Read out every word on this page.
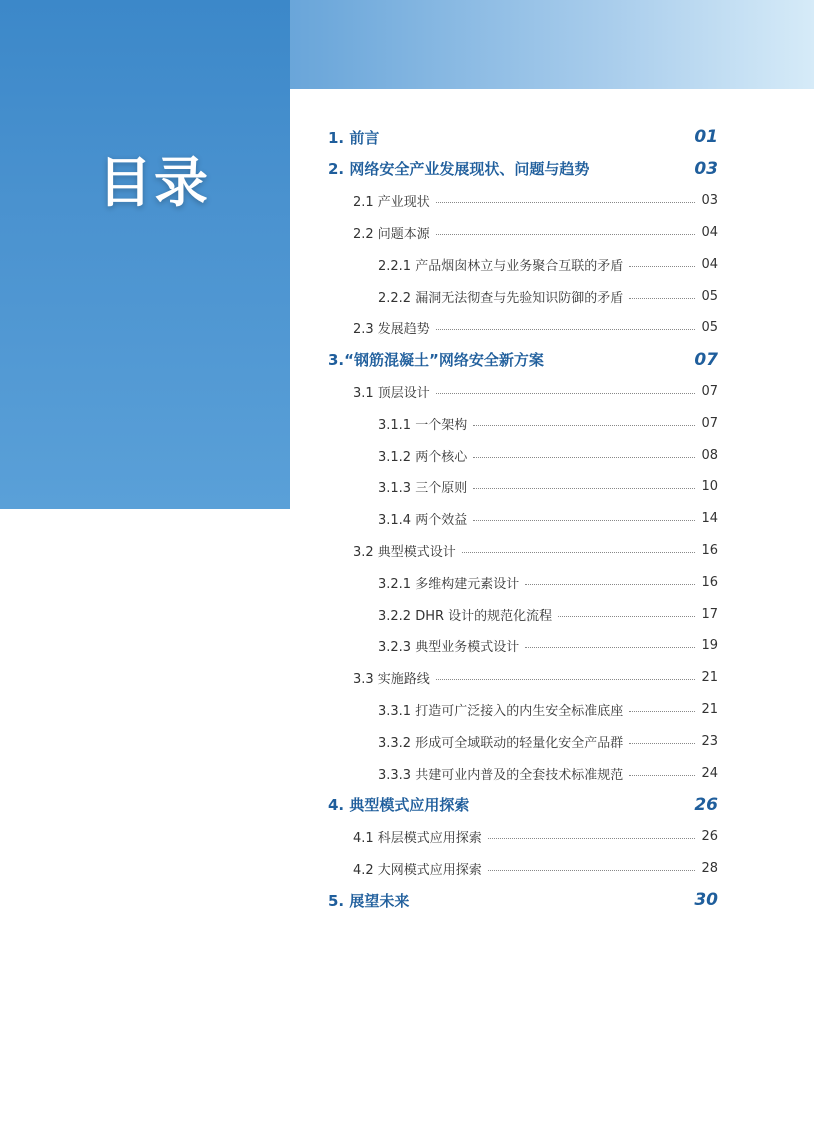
目录
1. 前言	01
2. 网络安全产业发展现状、问题与趋势	03
2.1 产业现状	03
2.2 问题本源	04
2.2.1 产品烟囱林立与业务聚合互联的矛盾	04
2.2.2 漏洞无法彻查与先验知识防御的矛盾	05
2.3 发展趋势	05
3.“钢筋混凝土”网络安全新方案	07
3.1 顶层设计	07
3.1.1 一个架构	07
3.1.2 两个核心	08
3.1.3 三个原则	10
3.1.4 两个效益	14
3.2 典型模式设计	16
3.2.1 多维构建元素设计	16
3.2.2 DHR 设计的规范化流程	17
3.2.3 典型业务模式设计	19
3.3 实施路线	21
3.3.1 打造可广泛接入的内生安全标准底座	21
3.3.2 形成可全域联动的轻量化安全产品群	23
3.3.3 共建可业内普及的全套技术标准规范	24
4. 典型模式应用探索	26
4.1 科层模式应用探索	26
4.2 大网模式应用探索	28
5. 展望未来	30
